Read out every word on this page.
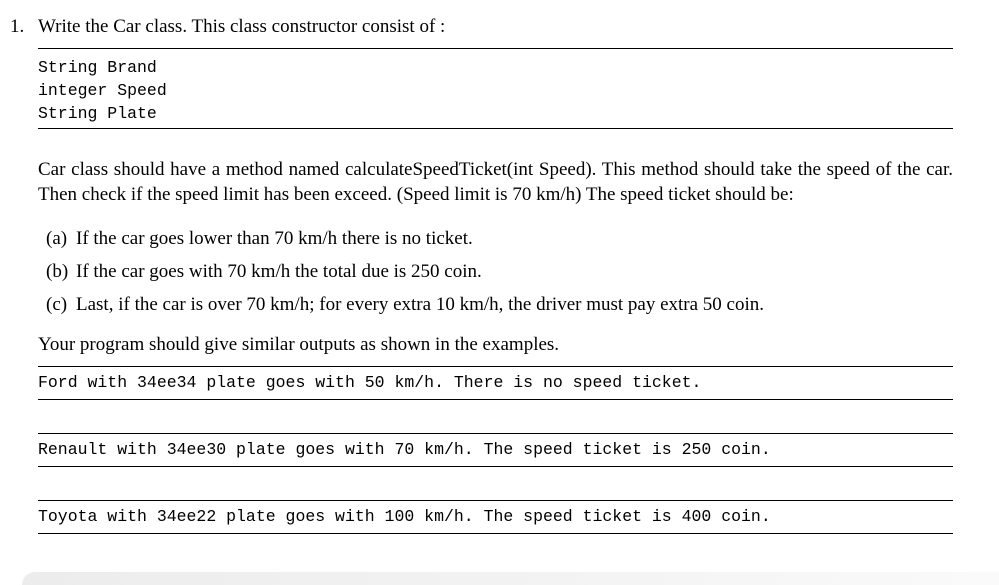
1. Write the Car class. This class constructor consist of :
String Brand
integer Speed
String Plate

Car class should have a method named calculateSpeedTicket(int Speed). This method should take the speed of the car. Then check if the speed limit has been exceed. (Speed limit is 70 km/h) The speed ticket should be:

(a) If the car goes lower than 70 km/h there is no ticket.
(b) If the car goes with 70 km/h the total due is 250 coin.
(c) Last, if the car is over 70 km/h; for every extra 10 km/h, the driver must pay extra 50 coin.

Your program should give similar outputs as shown in the examples.

Ford with 34ee34 plate goes with 50 km/h. There is no speed ticket.
Renault with 34ee30 plate goes with 70 km/h. The speed ticket is 250 coin.
Toyota with 34ee22 plate goes with 100 km/h. The speed ticket is 400 coin.
